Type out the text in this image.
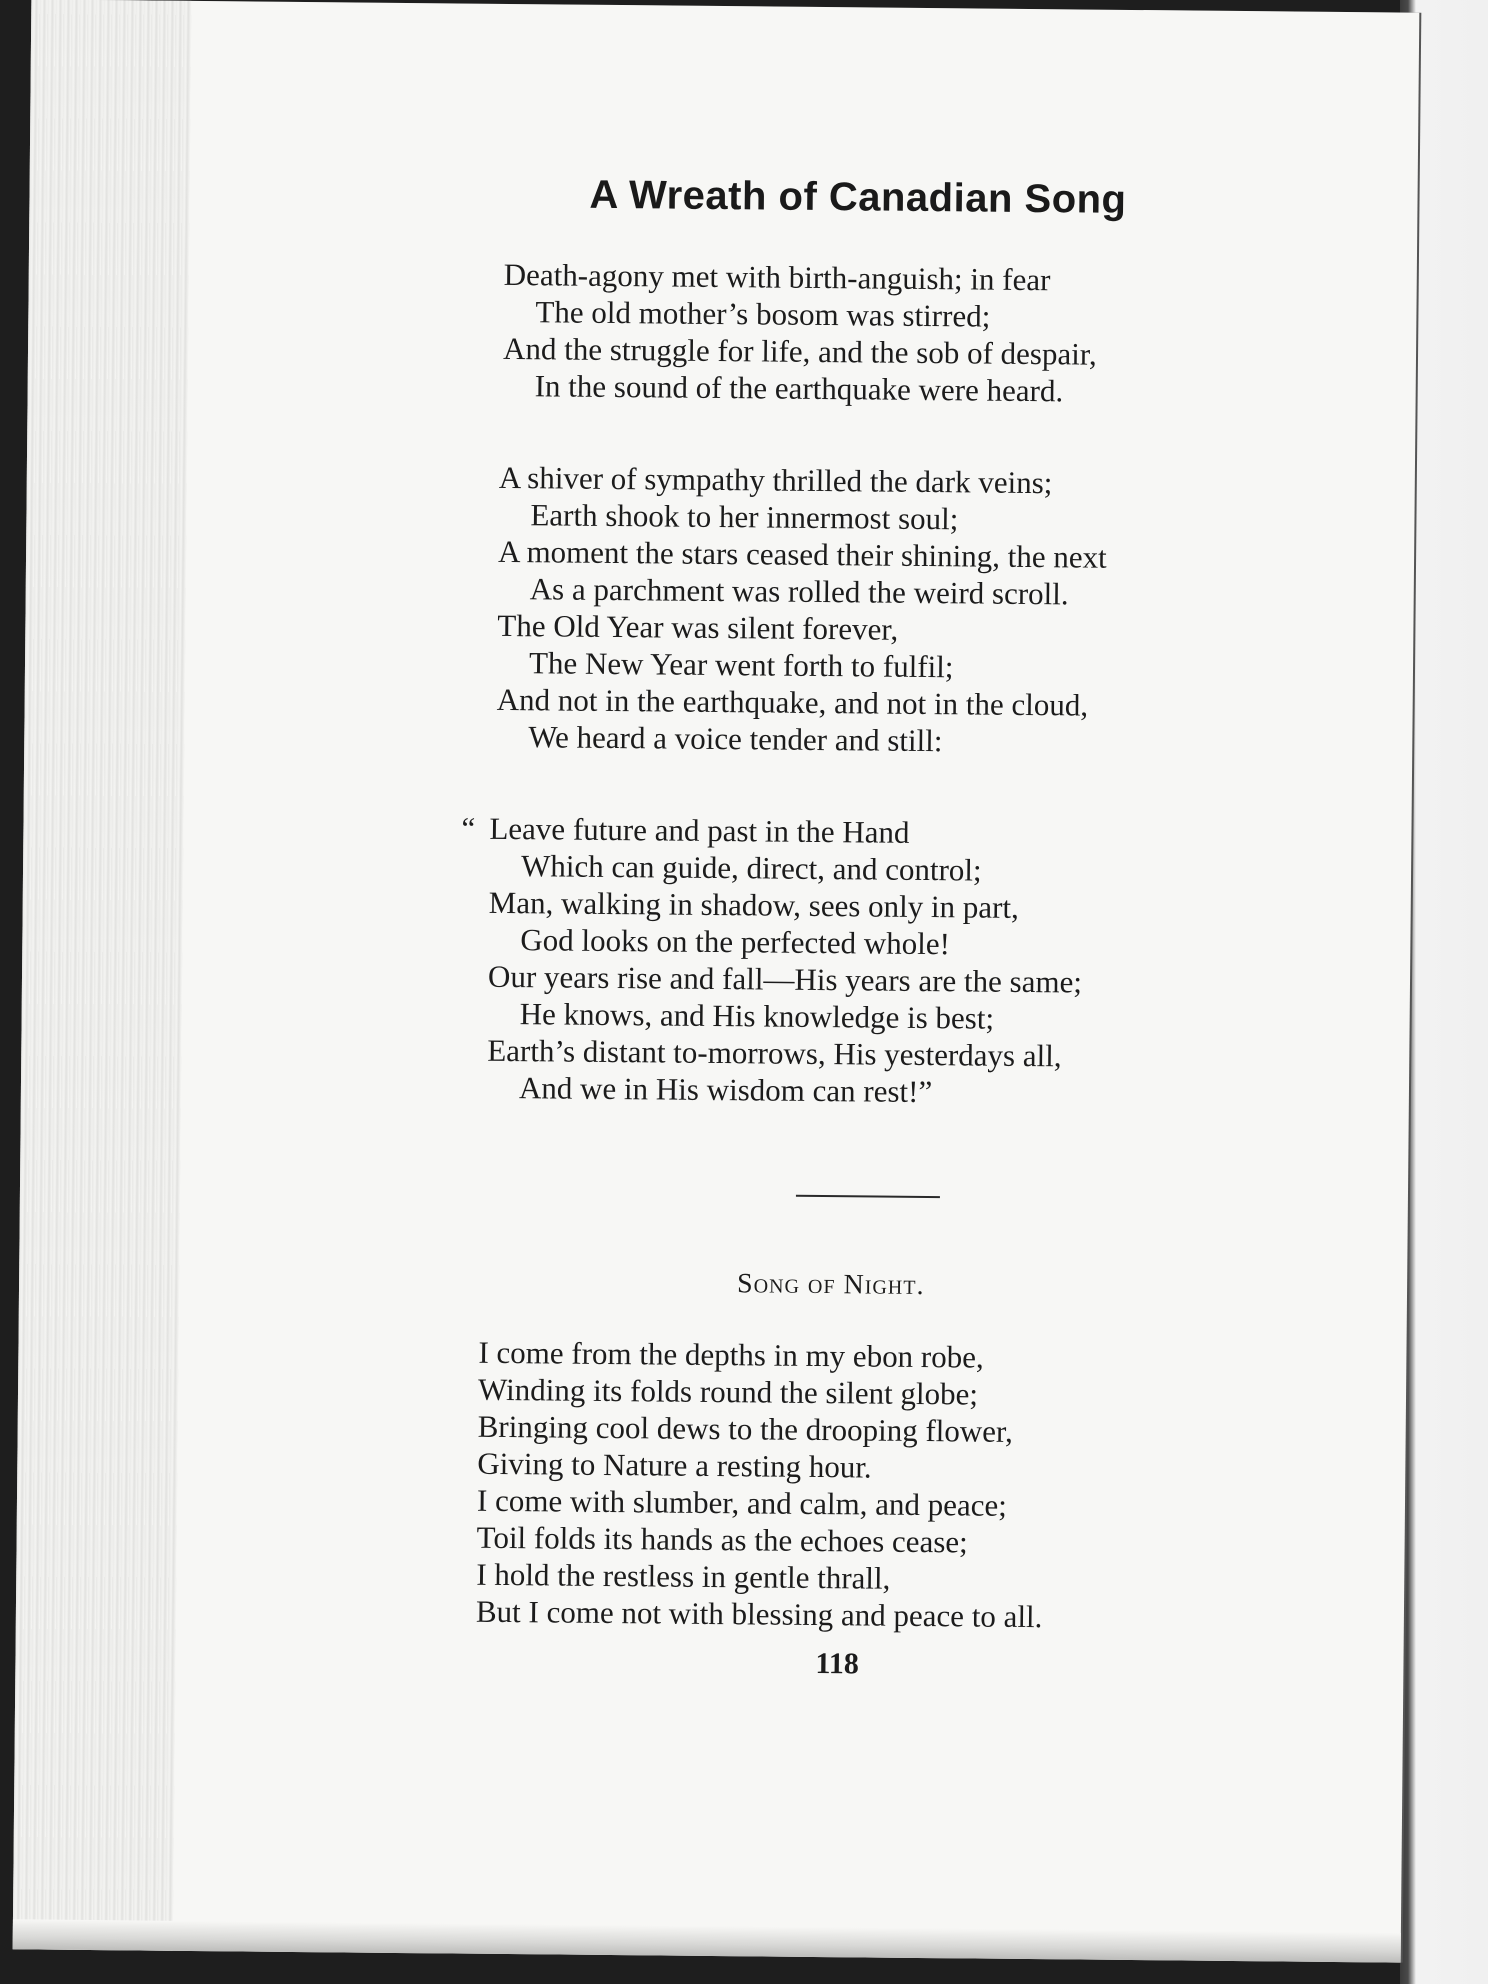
A Wreath of Canadian Song
Death-agony met with birth-anguish; in fear
The old mother’s bosom was stirred;
And the struggle for life, and the sob of despair,
In the sound of the earthquake were heard.
A shiver of sympathy thrilled the dark veins;
Earth shook to her innermost soul;
A moment the stars ceased their shining, the next
As a parchment was rolled the weird scroll.
The Old Year was silent forever,
The New Year went forth to fulfil;
And not in the earthquake, and not in the cloud,
We heard a voice tender and still:
“ Leave future and past in the Hand
Which can guide, direct, and control;
Man, walking in shadow, sees only in part,
God looks on the perfected whole!
Our years rise and fall—His years are the same;
He knows, and His knowledge is best;
Earth’s distant to-morrows, His yesterdays all,
And we in His wisdom can rest!”
Song of Night.
I come from the depths in my ebon robe,
Winding its folds round the silent globe;
Bringing cool dews to the drooping flower,
Giving to Nature a resting hour.
I come with slumber, and calm, and peace;
Toil folds its hands as the echoes cease;
I hold the restless in gentle thrall,
But I come not with blessing and peace to all.
118
